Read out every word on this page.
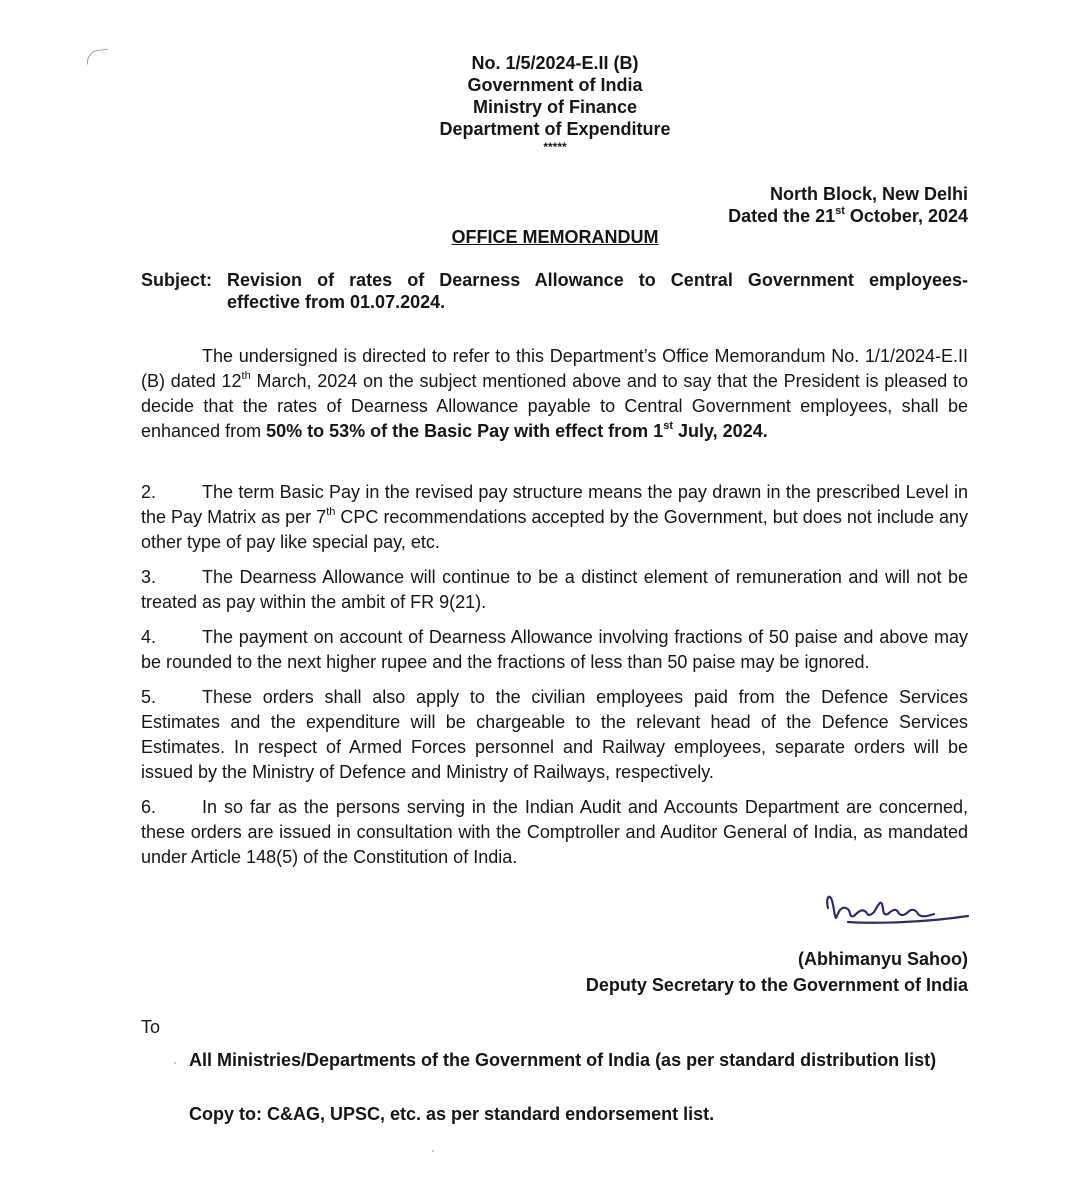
No. 1/5/2024-E.II (B)
Government of India
Ministry of Finance
Department of Expenditure
*****
North Block, New Delhi
Dated the 21st October, 2024
OFFICE MEMORANDUM
Subject: Revision of rates of Dearness Allowance to Central Government employees-
effective from 01.07.2024.
The undersigned is directed to refer to this Department’s Office Memorandum No. 1/1/2024-E.II (B) dated 12th March, 2024 on the subject mentioned above and to say that the President is pleased to decide that the rates of Dearness Allowance payable to Central Government employees, shall be enhanced from 50% to 53% of the Basic Pay with effect from 1st July, 2024.
2.	The term Basic Pay in the revised pay structure means the pay drawn in the prescribed Level in the Pay Matrix as per 7th CPC recommendations accepted by the Government, but does not include any other type of pay like special pay, etc.
3.	The Dearness Allowance will continue to be a distinct element of remuneration and will not be treated as pay within the ambit of FR 9(21).
4.	The payment on account of Dearness Allowance involving fractions of 50 paise and above may be rounded to the next higher rupee and the fractions of less than 50 paise may be ignored.
5.	These orders shall also apply to the civilian employees paid from the Defence Services Estimates and the expenditure will be chargeable to the relevant head of the Defence Services Estimates. In respect of Armed Forces personnel and Railway employees, separate orders will be issued by the Ministry of Defence and Ministry of Railways, respectively.
6.	In so far as the persons serving in the Indian Audit and Accounts Department are concerned, these orders are issued in consultation with the Comptroller and Auditor General of India, as mandated under Article 148(5) of the Constitution of India.
(Abhimanyu Sahoo)
Deputy Secretary to the Government of India
To
All Ministries/Departments of the Government of India (as per standard distribution list)
Copy to: C&AG, UPSC, etc. as per standard endorsement list.
